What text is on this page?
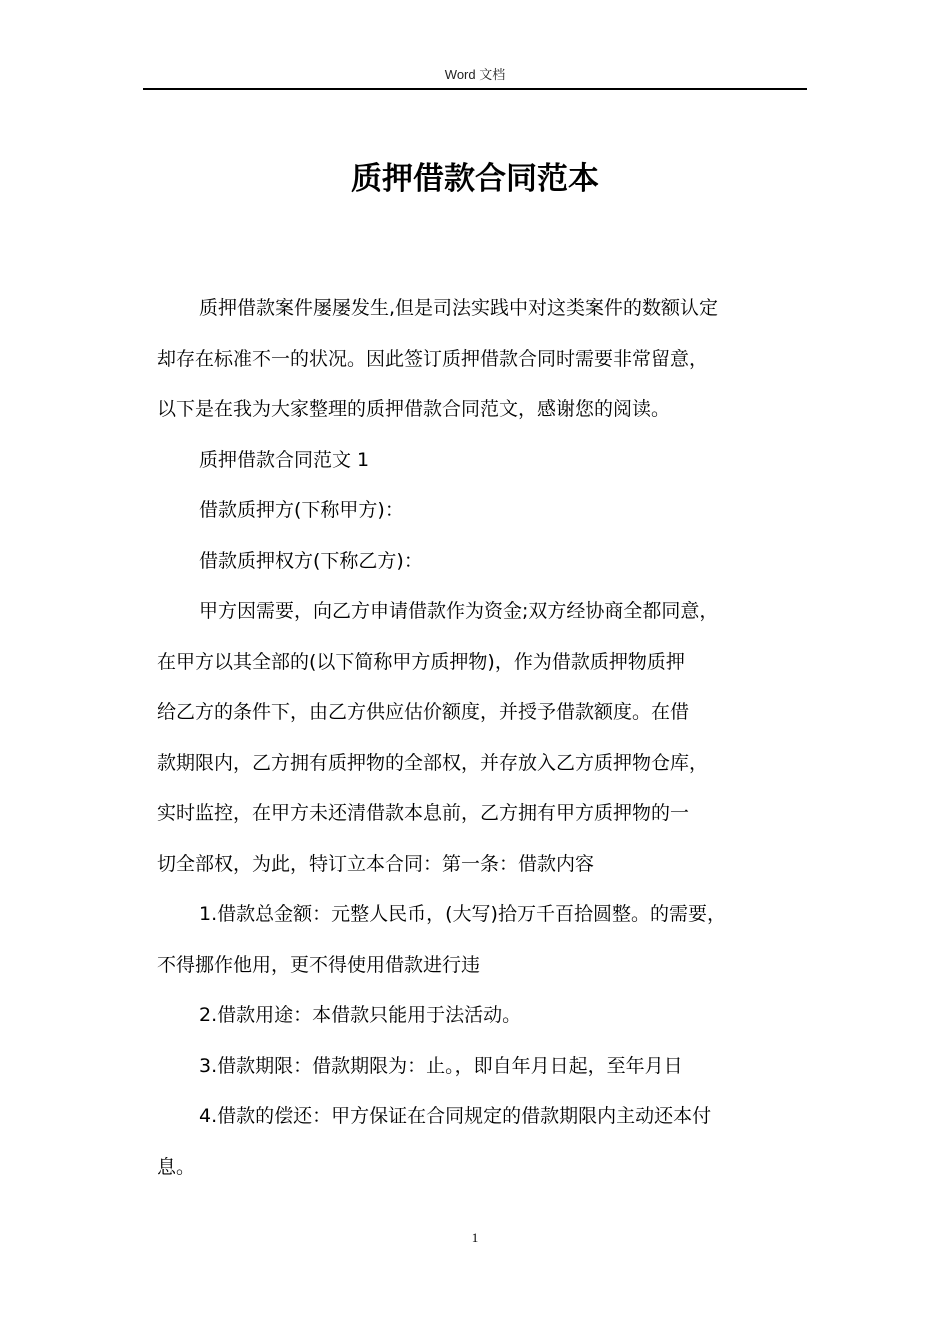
Word 文档
质押借款合同范本

质押借款案件屡屡发生,但是司法实践中对这类案件的数额认定
却存在标准不一的状况。因此签订质押借款合同时需要非常留意，
以下是在我为大家整理的质押借款合同范文，感谢您的阅读。

质押借款合同范文 1

借款质押方(下称甲方)：

借款质押权方(下称乙方)：

甲方因需要，向乙方申请借款作为资金;双方经协商全都同意，
在甲方以其全部的(以下简称甲方质押物)，作为借款质押物质押
给乙方的条件下，由乙方供应估价额度，并授予借款额度。在借
款期限内，乙方拥有质押物的全部权，并存放入乙方质押物仓库，
实时监控，在甲方未还清借款本息前，乙方拥有甲方质押物的一
切全部权，为此，特订立本合同：第一条：借款内容

1.借款总金额：元整人民币，(大写)拾万千百拾圆整。的需要，
不得挪作他用，更不得使用借款进行违

2.借款用途：本借款只能用于法活动。

3.借款期限：借款期限为：止。，即自年月日起，至年月日

4.借款的偿还：甲方保证在合同规定的借款期限内主动还本付
息。

1
